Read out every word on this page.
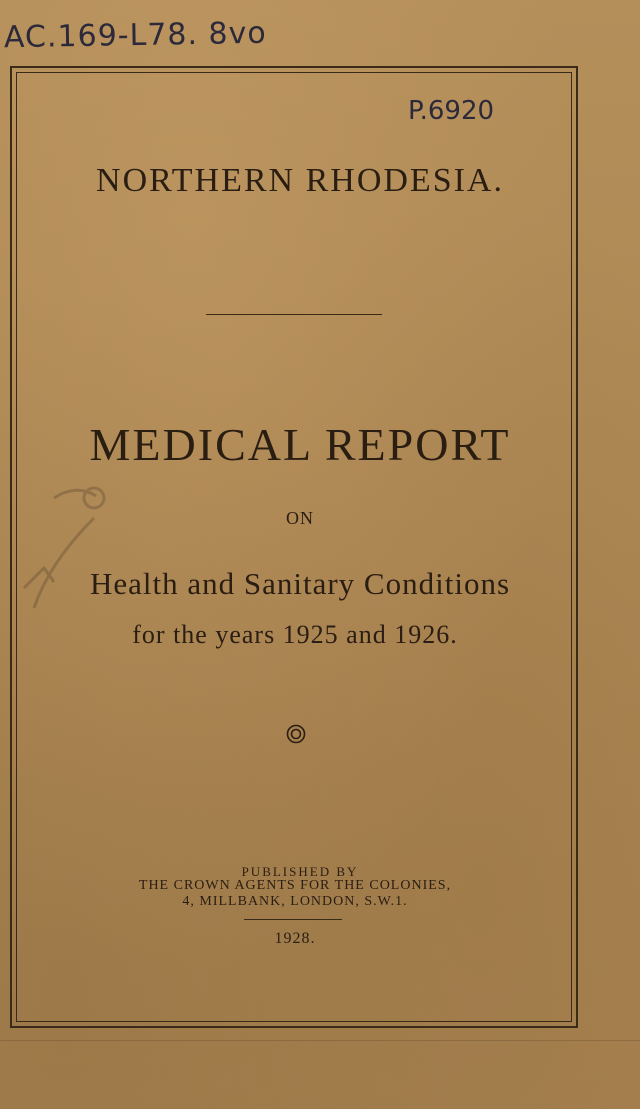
AC.169-L78. 8vo
P.6920
NORTHERN RHODESIA.
MEDICAL REPORT
ON
Health and Sanitary Conditions
for the years 1925 and 1926.
PUBLISHED BY
THE CROWN AGENTS FOR THE COLONIES,
4, MILLBANK, LONDON, S.W.1.
1928.
